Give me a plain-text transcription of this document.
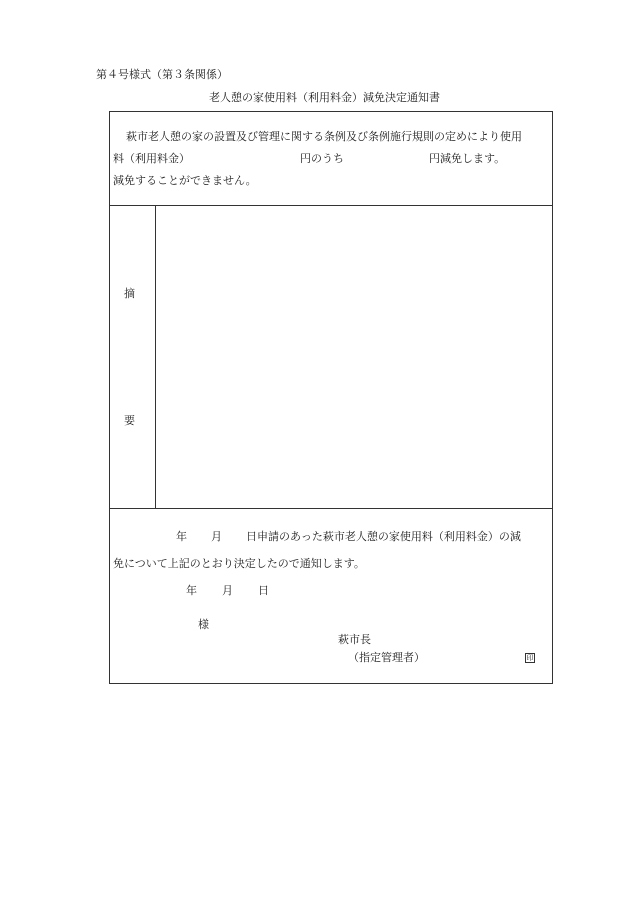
第４号様式（第３条関係）
老人憩の家使用料（利用料金）減免決定通知書
萩市老人憩の家の設置及び管理に関する条例及び条例施行規則の定めにより使用
料（利用料金）	円のうち	円減免します。
減免することができません。
摘
要
年 月 日申請のあった萩市老人憩の家使用料（利用料金）の減
免について上記のとおり決定したので通知します。
年 月 日
様
萩市長
（指定管理者）	印
